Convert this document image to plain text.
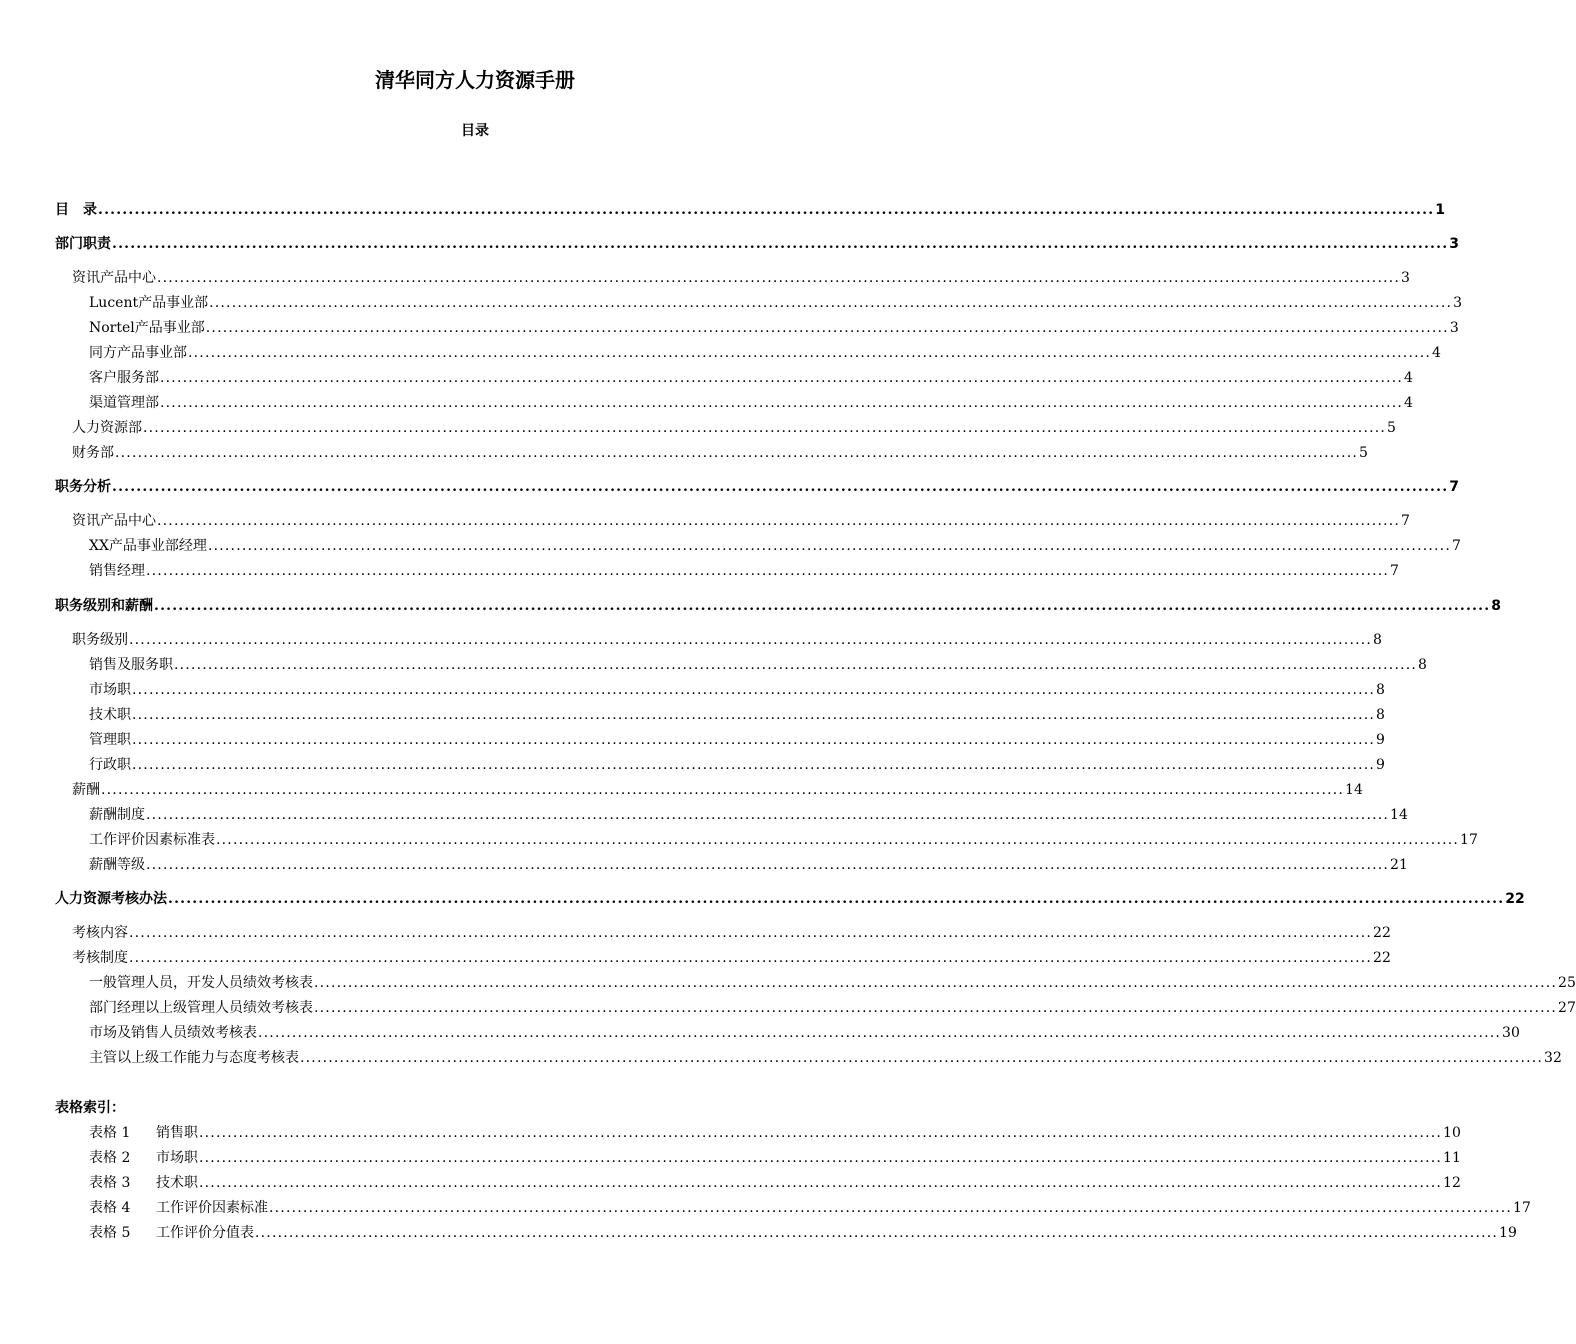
清华同方人力资源手册
目录
目　录 ............................................................................................................................................................................................................................ 1
部门职责 ............................................................................................................................................................................................................................ 3
资讯产品中心 ............................................................................................................................................................................................................................ 3
Lucent产品事业部 ............................................................................................................................................................................................................................ 3
Nortel产品事业部 ............................................................................................................................................................................................................................ 3
同方产品事业部 ............................................................................................................................................................................................................................ 4
客户服务部 ............................................................................................................................................................................................................................ 4
渠道管理部 ............................................................................................................................................................................................................................ 4
人力资源部 ............................................................................................................................................................................................................................ 5
财务部 ............................................................................................................................................................................................................................ 5
职务分析 ............................................................................................................................................................................................................................ 7
资讯产品中心 ............................................................................................................................................................................................................................ 7
XX产品事业部经理 ............................................................................................................................................................................................................................ 7
销售经理 ............................................................................................................................................................................................................................ 7
职务级别和薪酬 ............................................................................................................................................................................................................................ 8
职务级别 ............................................................................................................................................................................................................................ 8
销售及服务职 ............................................................................................................................................................................................................................ 8
市场职 ............................................................................................................................................................................................................................ 8
技术职 ............................................................................................................................................................................................................................ 8
管理职 ............................................................................................................................................................................................................................ 9
行政职 ............................................................................................................................................................................................................................ 9
薪酬 ............................................................................................................................................................................................................................ 14
薪酬制度 ............................................................................................................................................................................................................................ 14
工作评价因素标准表 ............................................................................................................................................................................................................................ 17
薪酬等级 ............................................................................................................................................................................................................................ 21
人力资源考核办法 ............................................................................................................................................................................................................................ 22
考核内容 ............................................................................................................................................................................................................................ 22
考核制度 ............................................................................................................................................................................................................................ 22
一般管理人员，开发人员绩效考核表 ............................................................................................................................................................................................................................ 25
部门经理以上级管理人员绩效考核表 ............................................................................................................................................................................................................................ 27
市场及销售人员绩效考核表 ............................................................................................................................................................................................................................ 30
主管以上级工作能力与态度考核表 ............................................................................................................................................................................................................................ 32
表格索引：
表格 1 销售职 ............................................................................................................................................................................................................................ 10
表格 2 市场职 ............................................................................................................................................................................................................................ 11
表格 3 技术职 ............................................................................................................................................................................................................................ 12
表格 4 工作评价因素标准 ............................................................................................................................................................................................................................ 17
表格 5 工作评价分值表 ............................................................................................................................................................................................................................ 19
